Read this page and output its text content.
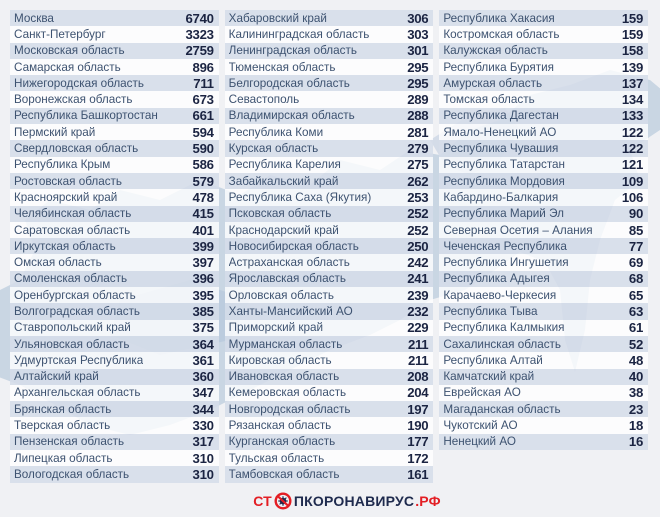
Москва	6740
Санкт-Петербург	3323
Московская область	2759
Самарская область	896
Нижегородская область	711
Воронежская область	673
Республика Башкортостан	661
Пермский край	594
Свердловская область	590
Республика Крым	586
Ростовская область	579
Красноярский край	478
Челябинская область	415
Саратовская область	401
Иркутская область	399
Омская область	397
Смоленская область	396
Оренбургская область	395
Волгоградская область	385
Ставропольский край	375
Ульяновская область	364
Удмуртская Республика	361
Алтайский край	360
Архангельская область	347
Брянская область	344
Тверская область	330
Пензенская область	317
Липецкая область	310
Вологодская область	310
Хабаровский край	306
Калининградская область	303
Ленинградская область	301
Тюменская область	295
Белгородская область	295
Севастополь	289
Владимирская область	288
Республика Коми	281
Курская область	279
Республика Карелия	275
Забайкальский край	262
Республика Саха (Якутия)	253
Псковская область	252
Краснодарский край	252
Новосибирская область	250
Астраханская область	242
Ярославская область	241
Орловская область	239
Ханты-Мансийский АО	232
Приморский край	229
Мурманская область	211
Кировская область	211
Ивановская область	208
Кемеровская область	204
Новгородская область	197
Рязанская область	190
Курганская область	177
Тульская область	172
Тамбовская область	161
Республика Хакасия	159
Костромская область	159
Калужская область	158
Республика Бурятия	139
Амурская область	137
Томская область	134
Республика Дагестан	133
Ямало-Ненецкий АО	122
Республика Чувашия	122
Республика Татарстан	121
Республика Мордовия	109
Кабардино-Балкария	106
Республика Марий Эл	90
Северная Осетия – Алания	85
Чеченская Республика	77
Республика Ингушетия	69
Республика Адыгея	68
Карачаево-Черкесия	65
Республика Тыва	63
Республика Калмыкия	61
Сахалинская область	52
Республика Алтай	48
Камчатский край	40
Еврейская АО	38
Магаданская область	23
Чукотский АО	18
Ненецкий АО	16
СТ ПКОРОНАВИРУС .РФ
